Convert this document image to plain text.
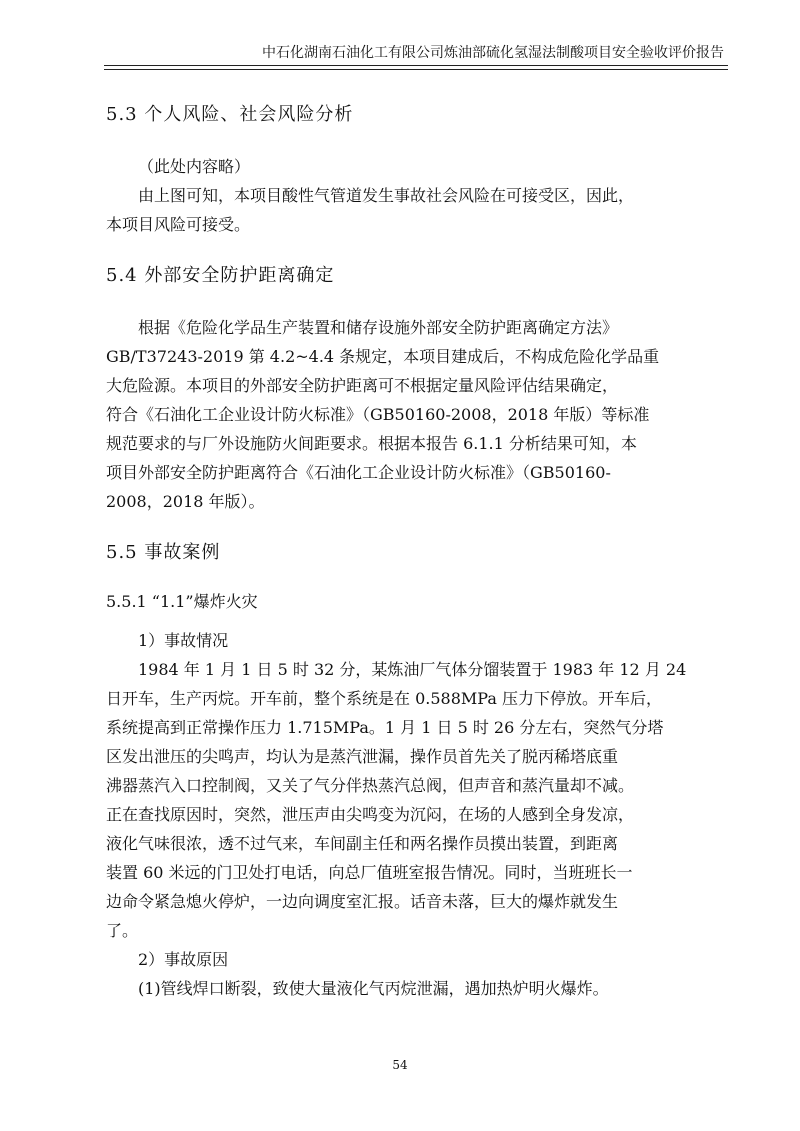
中石化湖南石油化工有限公司炼油部硫化氢湿法制酸项目安全验收评价报告
5.3 个人风险、社会风险分析
（此处内容略）
由上图可知，本项目酸性气管道发生事故社会风险在可接受区，因此，
本项目风险可接受。
5.4 外部安全防护距离确定
根据《危险化学品生产装置和储存设施外部安全防护距离确定方法》
GB/T37243-2019 第 4.2~4.4 条规定，本项目建成后，不构成危险化学品重
大危险源。本项目的外部安全防护距离可不根据定量风险评估结果确定，
符合《石油化工企业设计防火标准》（GB50160-2008，2018 年版）等标准
规范要求的与厂外设施防火间距要求。根据本报告 6.1.1 分析结果可知，本
项目外部安全防护距离符合《石油化工企业设计防火标准》（GB50160-
2008，2018 年版）。
5.5 事故案例
5.5.1 “1.1”爆炸火灾
1）事故情况
1984 年 1 月 1 日 5 时 32 分，某炼油厂气体分馏装置于 1983 年 12 月 24
日开车，生产丙烷。开车前，整个系统是在 0.588MPa 压力下停放。开车后，
系统提高到正常操作压力 1.715MPa。1 月 1 日 5 时 26 分左右，突然气分塔
区发出泄压的尖鸣声，均认为是蒸汽泄漏，操作员首先关了脱丙稀塔底重
沸器蒸汽入口控制阀，又关了气分伴热蒸汽总阀，但声音和蒸汽量却不减。
正在查找原因时，突然，泄压声由尖鸣变为沉闷，在场的人感到全身发凉，
液化气味很浓，透不过气来，车间副主任和两名操作员摸出装置，到距离
装置 60 米远的门卫处打电话，向总厂值班室报告情况。同时，当班班长一
边命令紧急熄火停炉，一边向调度室汇报。话音未落，巨大的爆炸就发生
了。
2）事故原因
(1)管线焊口断裂，致使大量液化气丙烷泄漏，遇加热炉明火爆炸。
54
